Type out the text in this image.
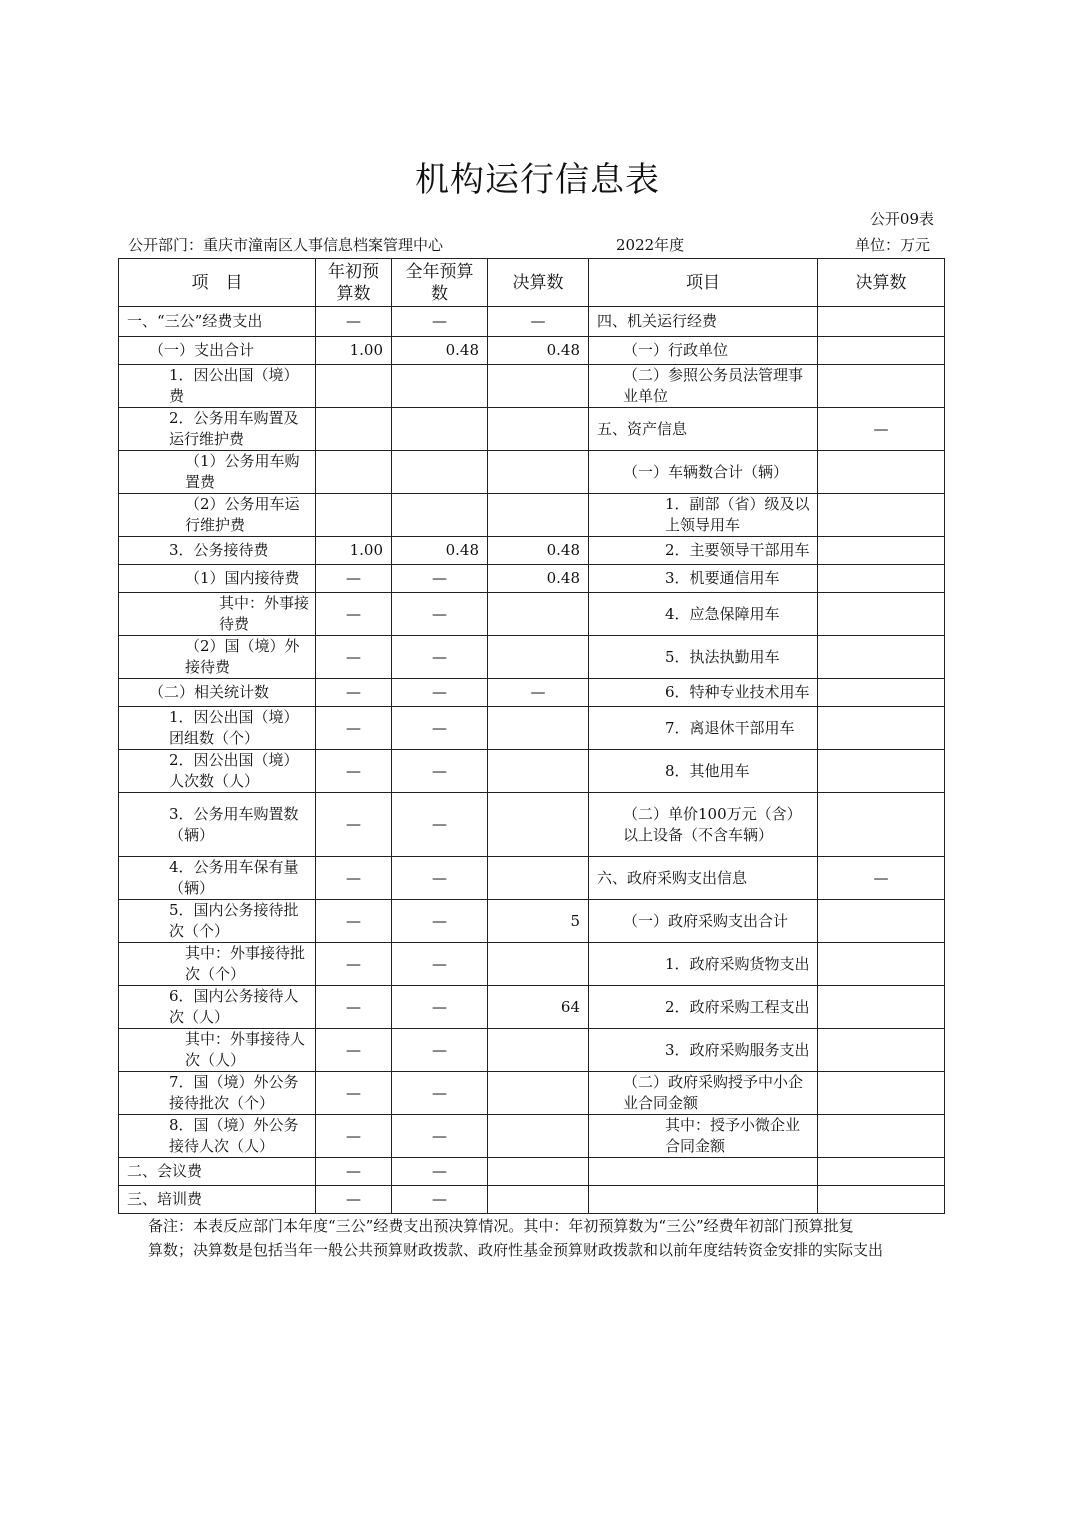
机构运行信息表
公开09表
公开部门：重庆市潼南区人事信息档案管理中心	2022年度	单位：万元
项　目	年初预算数	全年预算数	决算数	项目	决算数
一、“三公”经费支出	—	—	—	四、机关运行经费	
（一）支出合计	1.00	0.48	0.48	（一）行政单位	
1．因公出国（境）费				（二）参照公务员法管理事业单位	
2．公务用车购置及运行维护费				五、资产信息	—
（1）公务用车购置费				（一）车辆数合计（辆）	
（2）公务用车运行维护费				1．副部（省）级及以上领导用车	
3．公务接待费	1.00	0.48	0.48	2．主要领导干部用车	
（1）国内接待费	—	—	0.48	3．机要通信用车	
其中：外事接待费	—	—		4．应急保障用车	
（2）国（境）外接待费	—	—		5．执法执勤用车	
（二）相关统计数	—	—	—	6．特种专业技术用车	
1．因公出国（境）团组数（个）	—	—		7．离退休干部用车	
2．因公出国（境）人次数（人）	—	—		8．其他用车	
3．公务用车购置数（辆）	—	—		（二）单价100万元（含）以上设备（不含车辆）	
4．公务用车保有量（辆）	—	—		六、政府采购支出信息	—
5．国内公务接待批次（个）	—	—	5	（一）政府采购支出合计	
其中：外事接待批次（个）	—	—		1．政府采购货物支出	
6．国内公务接待人次（人）	—	—	64	2．政府采购工程支出	
其中：外事接待人次（人）	—	—		3．政府采购服务支出	
7．国（境）外公务接待批次（个）	—	—		（二）政府采购授予中小企业合同金额	
8．国（境）外公务接待人次（人）	—	—		其中：授予小微企业合同金额	
二、会议费	—	—			
三、培训费	—	—			
备注：本表反应部门本年度“三公”经费支出预决算情况。其中：年初预算数为“三公”经费年初部门预算批复
算数；决算数是包括当年一般公共预算财政拨款、政府性基金预算财政拨款和以前年度结转资金安排的实际支出
